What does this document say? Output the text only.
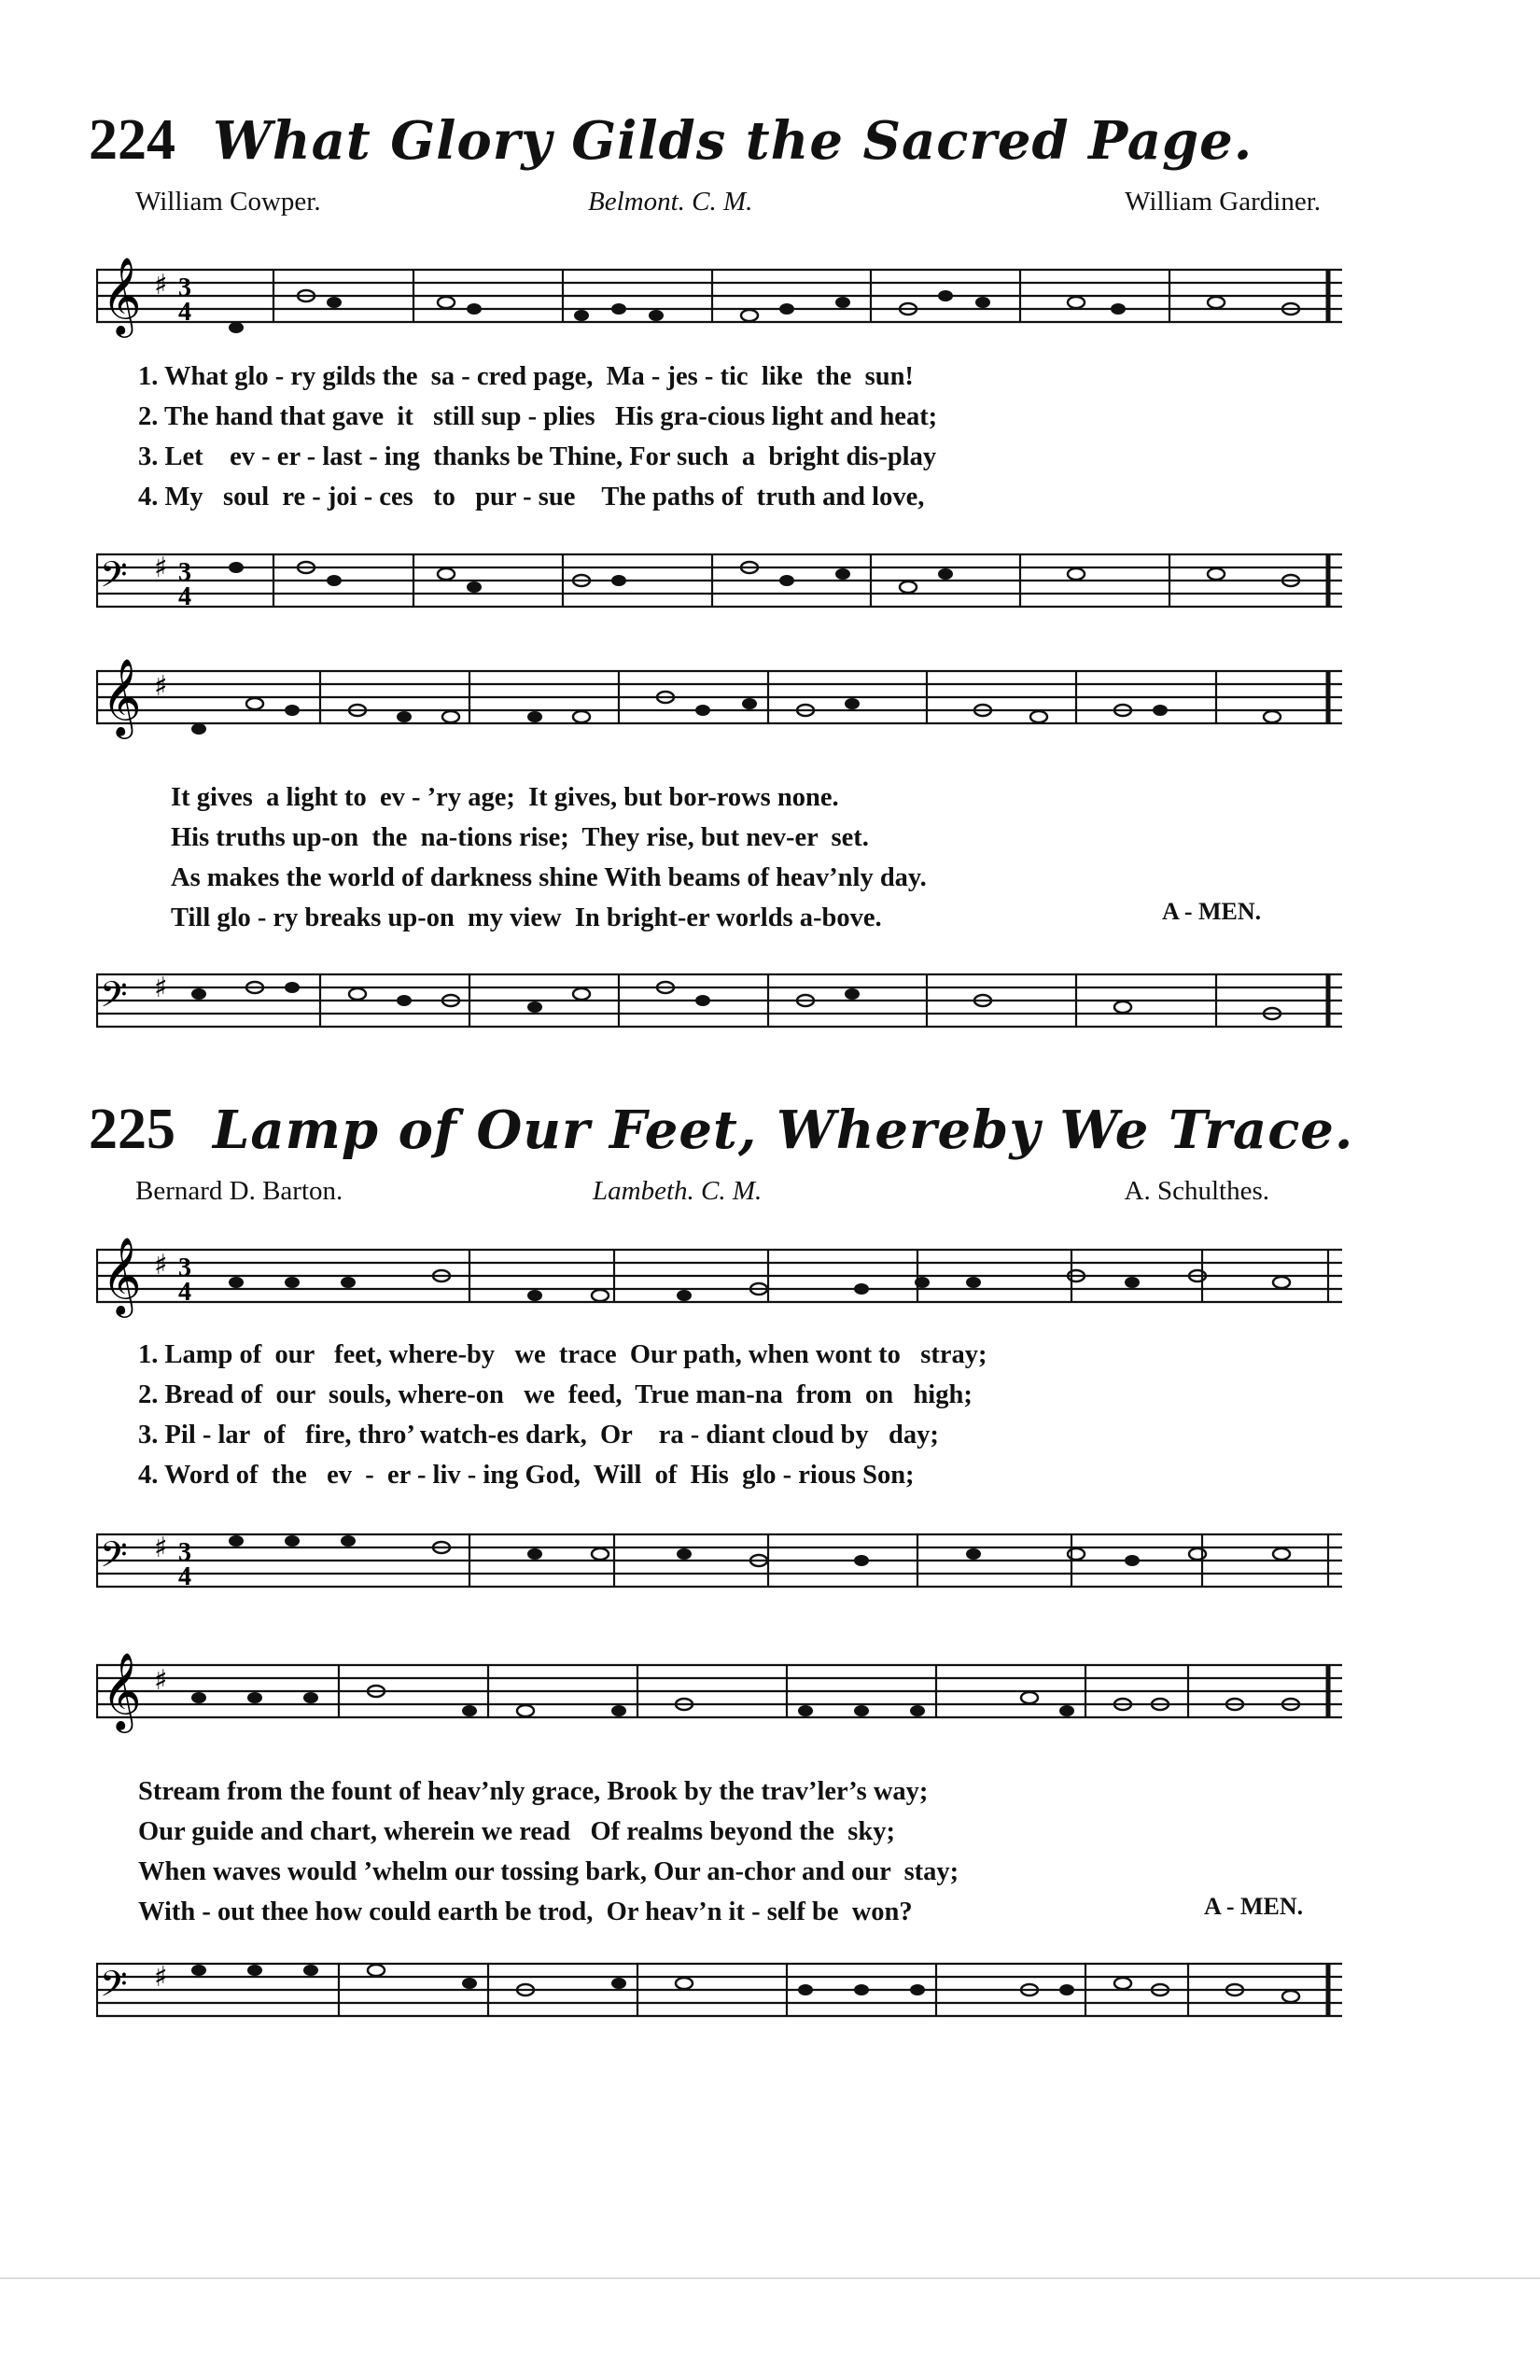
224 What Glory Gilds the Sacred Page.
William Cowper.	Belmont. C. M.	William Gardiner.
𝄞 ♯ 3
4
1. What glo - ry gilds the  sa - cred page,  Ma - jes - tic  like  the  sun!
2. The hand that gave  it   still sup - plies   His gra-cious light and heat;
3. Let    ev - er - last - ing  thanks be Thine, For such  a  bright dis-play
4. My   soul  re - joi - ces   to   pur - sue    The paths of  truth and love,
𝄢 ♯ 3
4
𝄞 ♯
It gives  a light to  ev - ’ry age;  It gives, but bor-rows none.
His truths up-on  the  na-tions rise;  They rise, but nev-er  set.
As makes the world of darkness shine With beams of heav’nly day.
Till glo - ry breaks up-on  my view  In bright-er worlds a-bove.	A - MEN.
𝄢 ♯
225 Lamp of Our Feet, Whereby We Trace.
Bernard D. Barton.	Lambeth. C. M.	A. Schulthes.
𝄞 ♯ 3
4
1. Lamp of  our   feet, where-by   we  trace  Our path, when wont to   stray;
2. Bread of  our  souls, where-on   we  feed,  True man-na  from  on   high;
3. Pil - lar  of   fire, thro’ watch-es dark,  Or    ra - diant cloud by   day;
4. Word of  the   ev  -  er - liv - ing God,  Will  of  His  glo - rious Son;
𝄢 ♯ 3
4
𝄞 ♯
Stream from the fount of heav’nly grace, Brook by the trav’ler’s way;
Our guide and chart, wherein we read   Of realms beyond the  sky;
When waves would ’whelm our tossing bark, Our an-chor and our  stay;
With - out thee how could earth be trod,  Or heav’n it - self be  won?	A - MEN.
𝄢 ♯
